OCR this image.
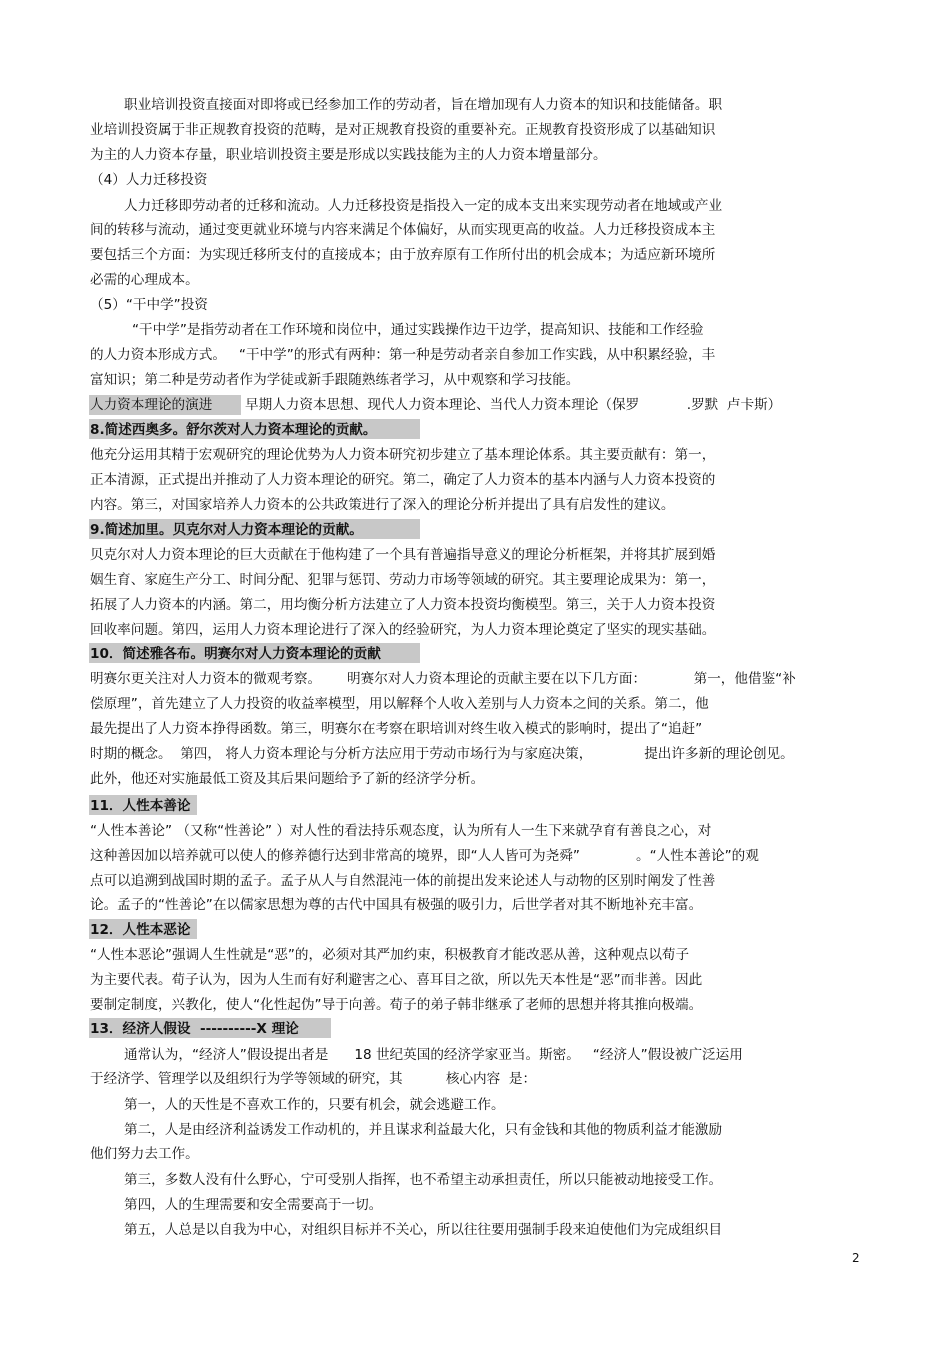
职业培训投资直接面对即将或已经参加工作的劳动者，旨在增加现有人力资本的知识和技能储备。职
业培训投资属于非正规教育投资的范畴，是对正规教育投资的重要补充。正规教育投资形成了以基础知识
为主的人力资本存量，职业培训投资主要是形成以实践技能为主的人力资本增量部分。
（4）人力迁移投资
人力迁移即劳动者的迁移和流动。人力迁移投资是指投入一定的成本支出来实现劳动者在地域或产业
间的转移与流动，通过变更就业环境与内容来满足个体偏好，从而实现更高的收益。人力迁移投资成本主
要包括三个方面：为实现迁移所支付的直接成本；由于放弃原有工作所付出的机会成本；为适应新环境所
必需的心理成本。
（5）“干中学”投资
“干中学”是指劳动者在工作环境和岗位中，通过实践操作边干边学，提高知识、技能和工作经验
的人力资本形成方式。   “干中学”的形式有两种：第一种是劳动者亲自参加工作实践，从中积累经验，丰
富知识；第二种是劳动者作为学徒或新手跟随熟练者学习，从中观察和学习技能。
人力资本理论的演进 早期人力资本思想、现代人力资本理论、当代人力资本理论（保罗           .罗默  卢卡斯）
8.简述西奥多。舒尔茨对人力资本理论的贡献。
他充分运用其精于宏观研究的理论优势为人力资本研究初步建立了基本理论体系。其主要贡献有：第一，
正本清源，正式提出并推动了人力资本理论的研究。第二，确定了人力资本的基本内涵与人力资本投资的
内容。第三，对国家培养人力资本的公共政策进行了深入的理论分析并提出了具有启发性的建议。
9.简述加里。贝克尔对人力资本理论的贡献。
贝克尔对人力资本理论的巨大贡献在于他构建了一个具有普遍指导意义的理论分析框架，并将其扩展到婚
姻生育、家庭生产分工、时间分配、犯罪与惩罚、劳动力市场等领域的研究。其主要理论成果为：第一，
拓展了人力资本的内涵。第二，用均衡分析方法建立了人力资本投资均衡模型。第三，关于人力资本投资
回收率问题。第四，运用人力资本理论进行了深入的经验研究，为人力资本理论奠定了坚实的现实基础。
10．简述雅各布。明赛尔对人力资本理论的贡献
明赛尔更关注对人力资本的微观考察。      明赛尔对人力资本理论的贡献主要在以下几方面：           第一，他借鉴“补
偿原理”，首先建立了人力投资的收益率模型，用以解释个人收入差别与人力资本之间的关系。第二，他
最先提出了人力资本挣得函数。第三，明赛尔在考察在职培训对终生收入模式的影响时，提出了“追赶”
时期的概念。  第四， 将人力资本理论与分析方法应用于劳动市场行为与家庭决策，            提出许多新的理论创见。
此外，他还对实施最低工资及其后果问题给予了新的经济学分析。
11．人性本善论
“人性本善论” （又称“性善论” ）对人性的看法持乐观态度，认为所有人一生下来就孕育有善良之心，对
这种善因加以培养就可以使人的修养德行达到非常高的境界，即“人人皆可为尧舜”             。“人性本善论”的观
点可以追溯到战国时期的孟子。孟子从人与自然混沌一体的前提出发来论述人与动物的区别时阐发了性善
论。孟子的“性善论”在以儒家思想为尊的古代中国具有极强的吸引力，后世学者对其不断地补充丰富。
12．人性本恶论
“人性本恶论”强调人生性就是“恶”的，必须对其严加约束，积极教育才能改恶从善，这种观点以荀子
为主要代表。荀子认为，因为人生而有好利避害之心、喜耳目之欲，所以先天本性是“恶”而非善。因此
要制定制度，兴教化，使人“化性起伪”导于向善。荀子的弟子韩非继承了老师的思想并将其推向极端。
13．经济人假设  ----------X 理论
通常认为，“经济人”假设提出者是      18 世纪英国的经济学家亚当。斯密。   “经济人”假设被广泛运用
于经济学、管理学以及组织行为学等领域的研究，其          核心内容  是：
第一，人的天性是不喜欢工作的，只要有机会，就会逃避工作。
第二，人是由经济利益诱发工作动机的，并且谋求利益最大化，只有金钱和其他的物质利益才能激励
他们努力去工作。
第三，多数人没有什么野心，宁可受别人指挥，也不希望主动承担责任，所以只能被动地接受工作。
第四，人的生理需要和安全需要高于一切。
第五，人总是以自我为中心，对组织目标并不关心，所以往往要用强制手段来迫使他们为完成组织目
2
